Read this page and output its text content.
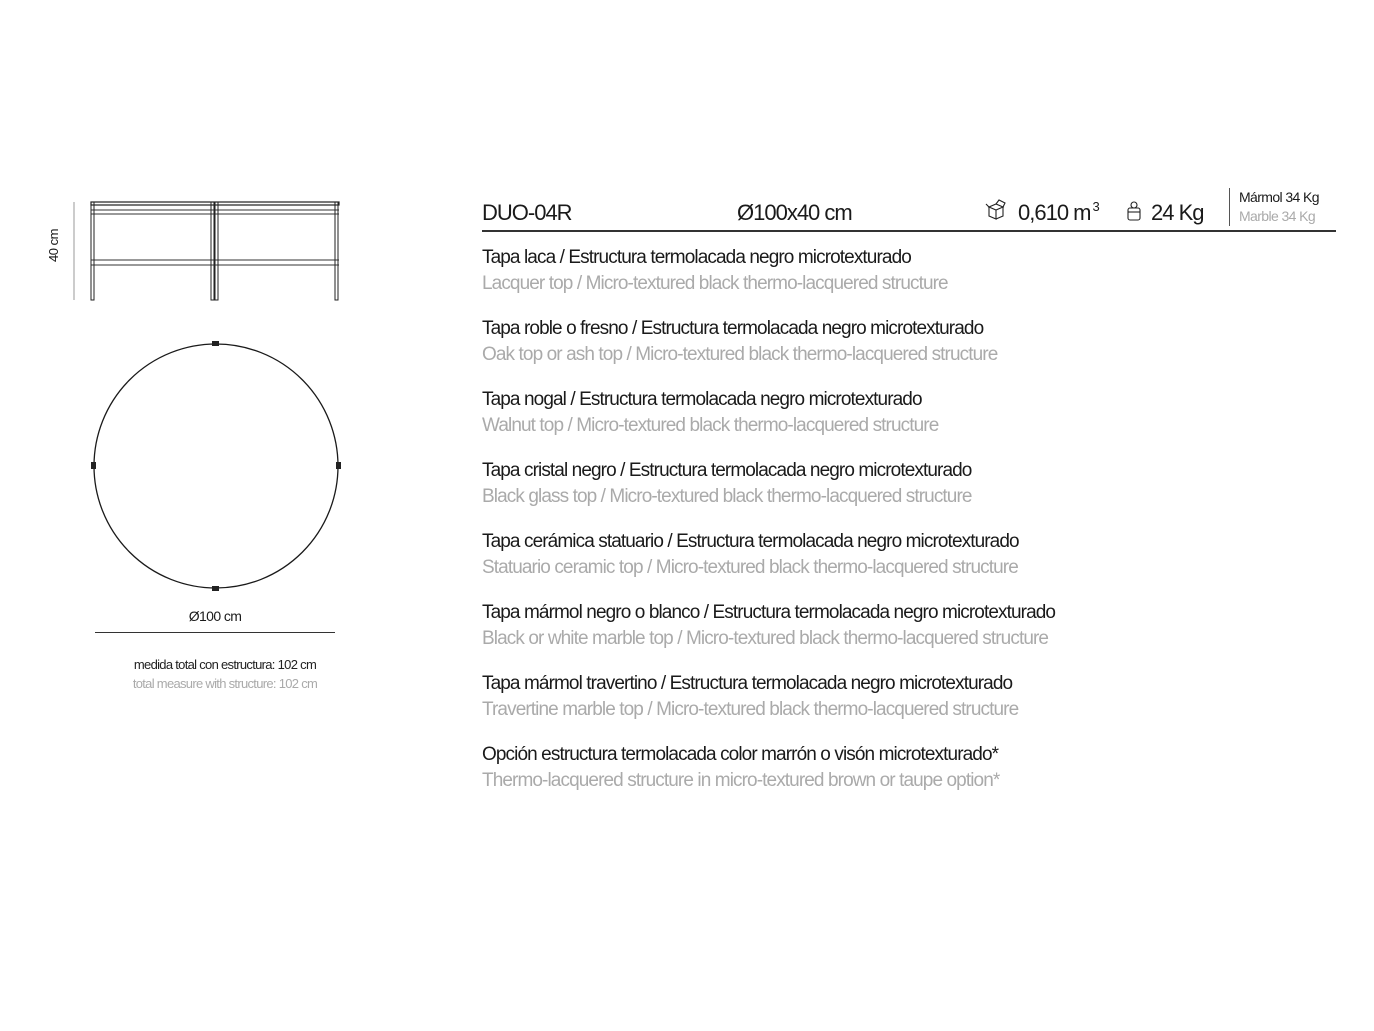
40 cm
Ø100 cm
medida total con estructura: 102 cm
total measure with structure: 102 cm
DUO-04R	Ø100x40 cm	0,610 m $^3$ 24 Kg
Mármol 34 Kg
Marble 34 Kg
Tapa laca / Estructura termolacada negro microtexturado
Lacquer top / Micro-textured black thermo-lacquered structure
Tapa roble o fresno / Estructura termolacada negro microtexturado
Oak top or ash top / Micro-textured black thermo-lacquered structure
Tapa nogal / Estructura termolacada negro microtexturado
Walnut top / Micro-textured black thermo-lacquered structure
Tapa cristal negro / Estructura termolacada negro microtexturado
Black glass top / Micro-textured black thermo-lacquered structure
Tapa cerámica statuario / Estructura termolacada negro microtexturado
Statuario ceramic top / Micro-textured black thermo-lacquered structure
Tapa mármol negro o blanco / Estructura termolacada negro microtexturado
Black or white marble top / Micro-textured black thermo-lacquered structure
Tapa mármol travertino / Estructura termolacada negro microtexturado
Travertine marble top / Micro-textured black thermo-lacquered structure
Opción estructura termolacada color marrón o visón microtexturado*
Thermo-lacquered structure in micro-textured brown or taupe option*
